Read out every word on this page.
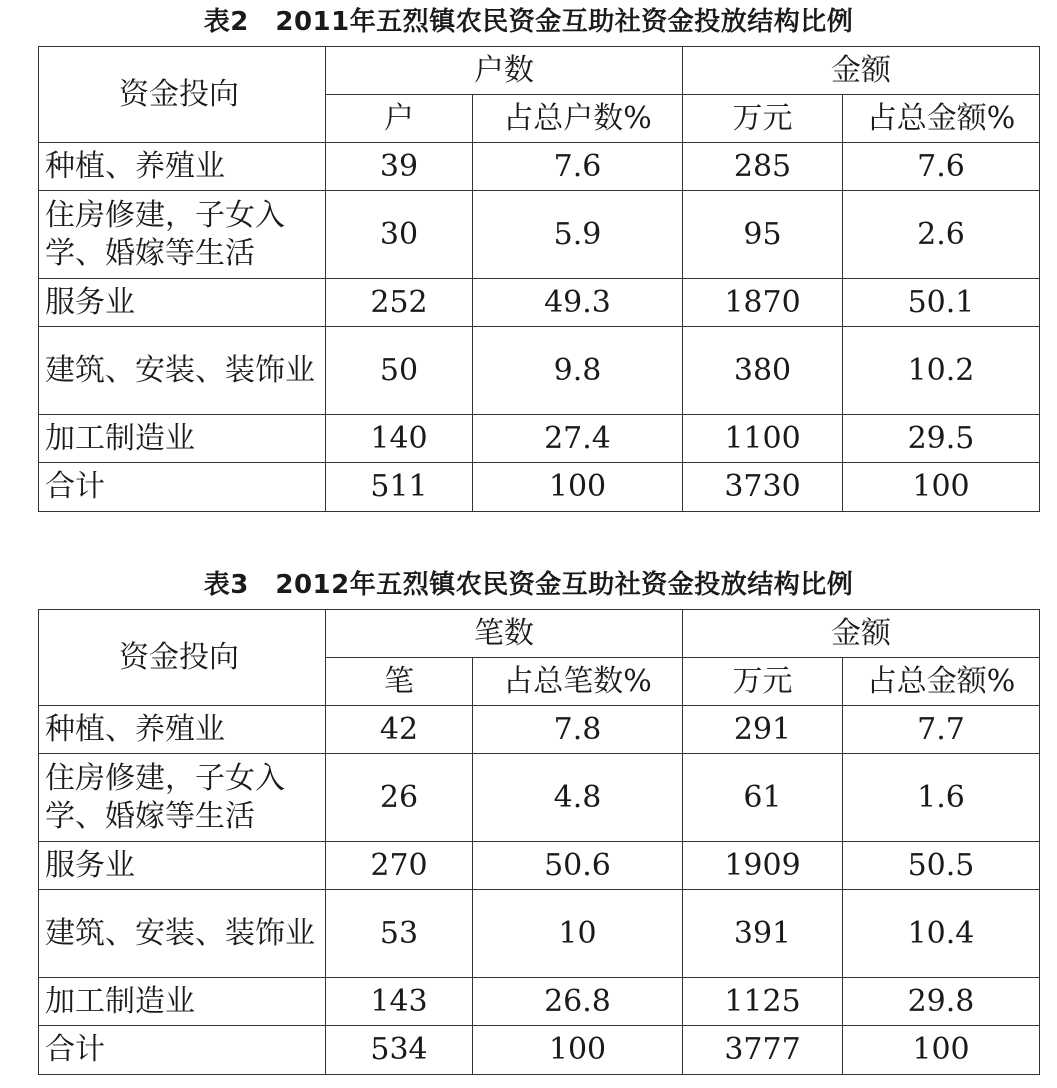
表2　2011年五烈镇农民资金互助社资金投放结构比例
资金投向	户数		金额	
	户	占总户数%	万元	占总金额%
种植、养殖业	39	7.6	285	7.6
住房修建，子女入学、婚嫁等生活	30	5.9	95	2.6
服务业	252	49.3	1870	50.1
建筑、安装、装饰业	50	9.8	380	10.2
加工制造业	140	27.4	1100	29.5
合计	511	100	3730	100
表3　2012年五烈镇农民资金互助社资金投放结构比例
资金投向	笔数		金额	
	笔	占总笔数%	万元	占总金额%
种植、养殖业	42	7.8	291	7.7
住房修建，子女入学、婚嫁等生活	26	4.8	61	1.6
服务业	270	50.6	1909	50.5
建筑、安装、装饰业	53	10	391	10.4
加工制造业	143	26.8	1125	29.8
合计	534	100	3777	100
